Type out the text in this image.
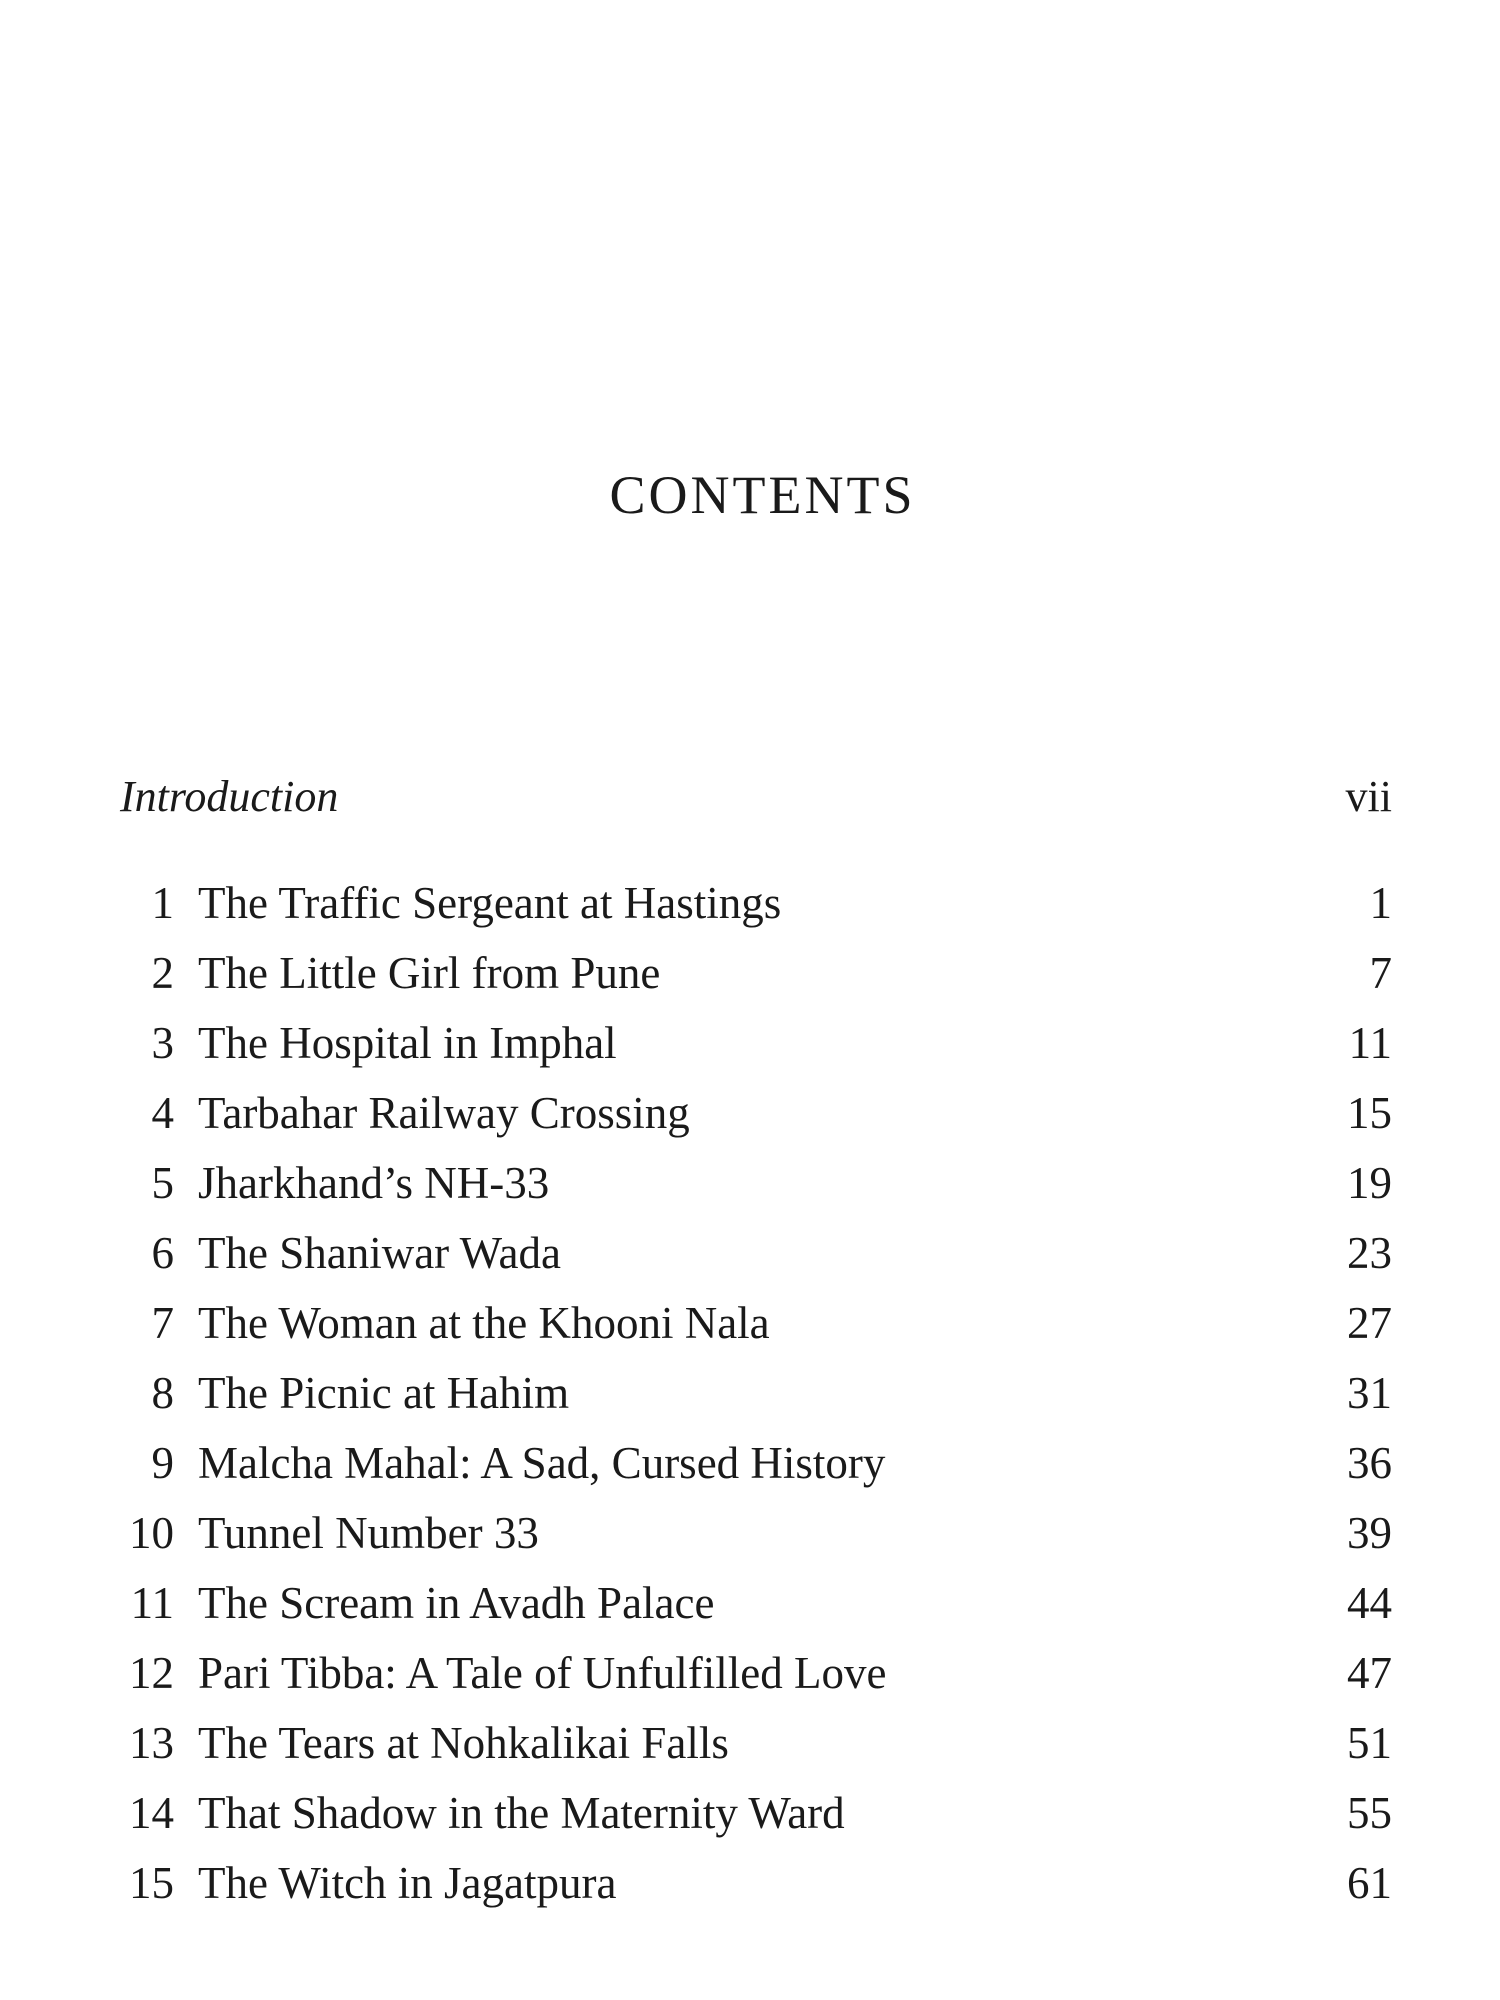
CONTENTS
Introduction	vii
1 The Traffic Sergeant at Hastings	1
2 The Little Girl from Pune	7
3 The Hospital in Imphal	11
4 Tarbahar Railway Crossing	15
5 Jharkhand’s NH-33	19
6 The Shaniwar Wada	23
7 The Woman at the Khooni Nala	27
8 The Picnic at Hahim	31
9 Malcha Mahal: A Sad, Cursed History	36
10 Tunnel Number 33	39
11 The Scream in Avadh Palace	44
12 Pari Tibba: A Tale of Unfulfilled Love	47
13 The Tears at Nohkalikai Falls	51
14 That Shadow in the Maternity Ward	55
15 The Witch in Jagatpura	61
